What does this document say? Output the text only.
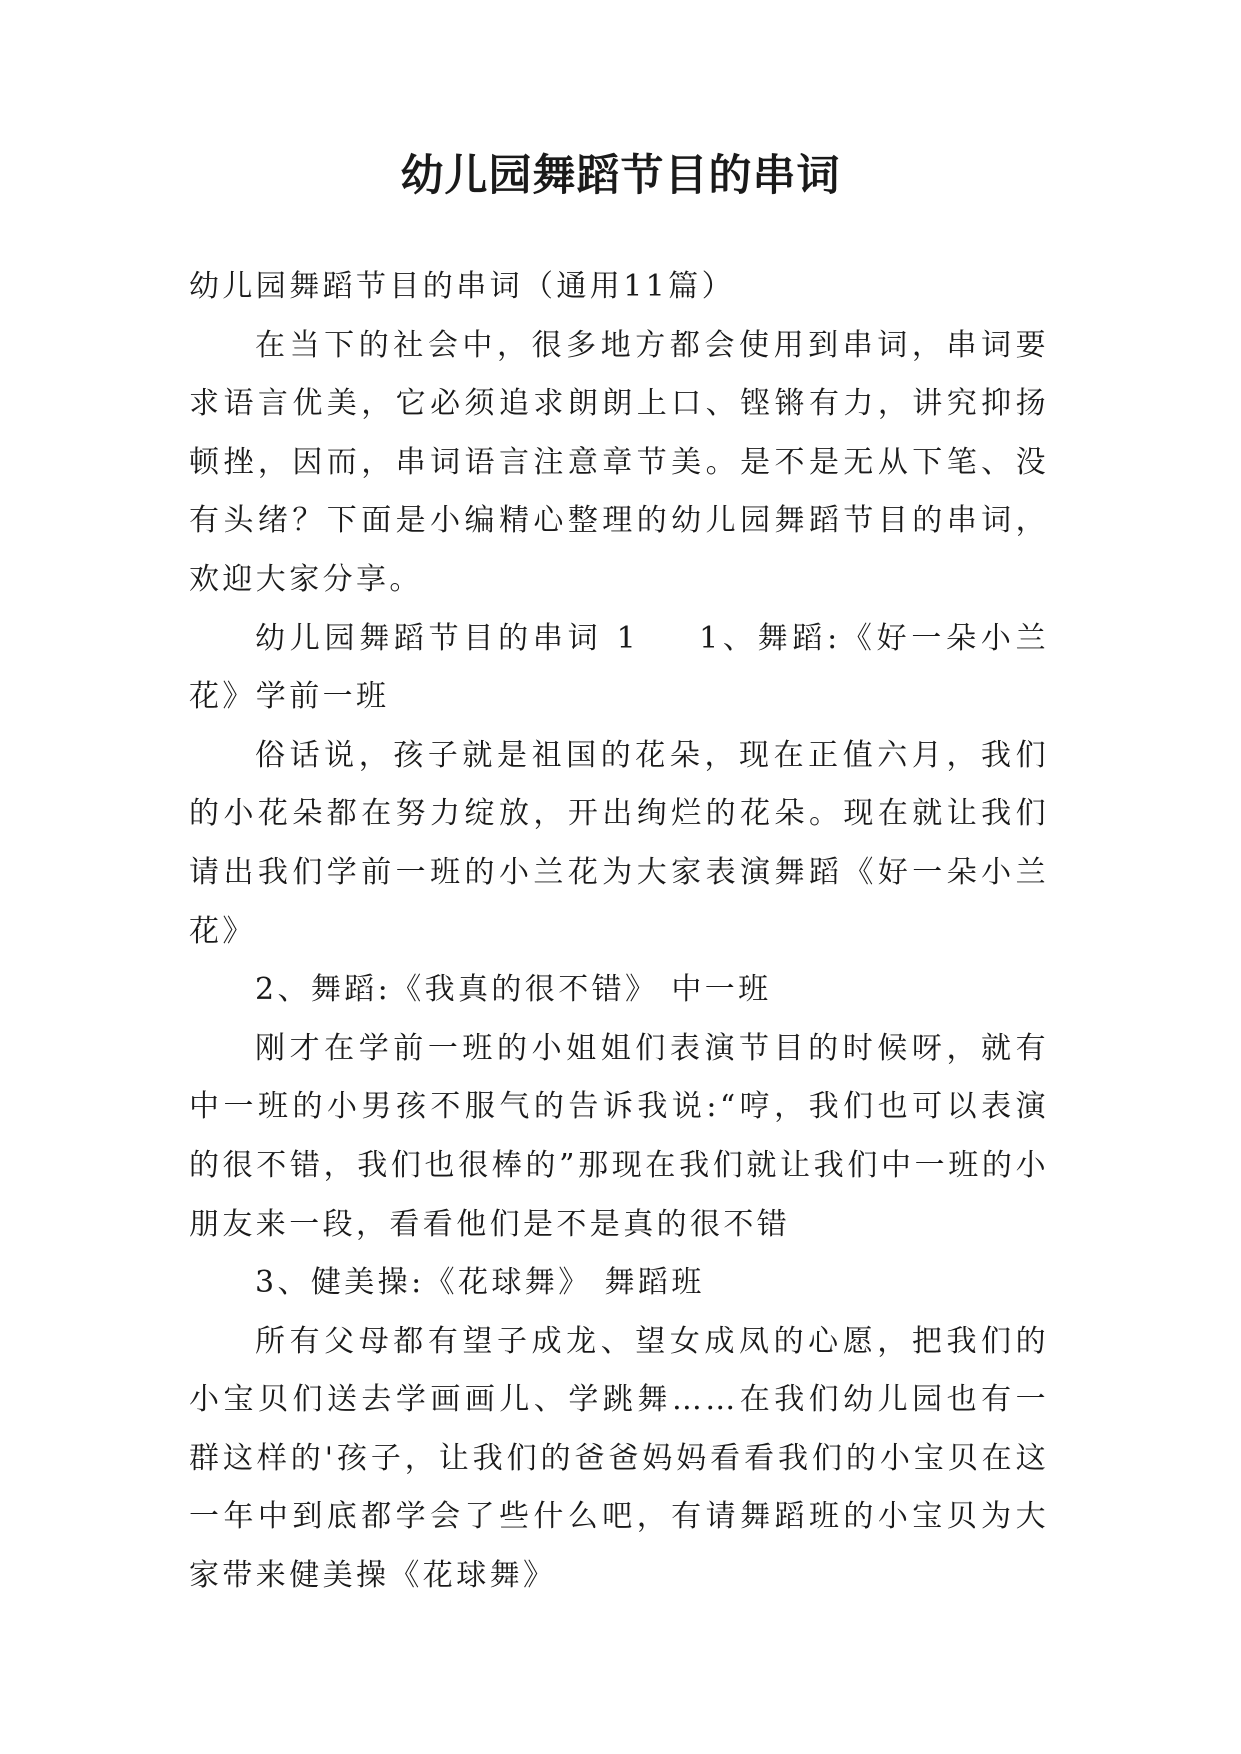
幼儿园舞蹈节目的串词

幼儿园舞蹈节目的串词（通用11篇）

在当下的社会中，很多地方都会使用到串词，串词要求语言优美，它必须追求朗朗上口、铿锵有力，讲究抑扬顿挫，因而，串词语言注意章节美。是不是无从下笔、没有头绪？下面是小编精心整理的幼儿园舞蹈节目的串词，欢迎大家分享。

幼儿园舞蹈节目的串词 1 1、舞蹈:《好一朵小兰花》学前一班

俗话说，孩子就是祖国的花朵，现在正值六月，我们的小花朵都在努力绽放，开出绚烂的花朵。现在就让我们请出我们学前一班的小兰花为大家表演舞蹈《好一朵小兰花》

2、舞蹈:《我真的很不错》 中一班

刚才在学前一班的小姐姐们表演节目的时候呀，就有中一班的小男孩不服气的告诉我说:“哼，我们也可以表演的很不错，我们也很棒的”那现在我们就让我们中一班的小朋友来一段，看看他们是不是真的很不错

3、健美操:《花球舞》 舞蹈班

所有父母都有望子成龙、望女成凤的心愿，把我们的小宝贝们送去学画画儿、学跳舞……在我们幼儿园也有一群这样的'孩子，让我们的爸爸妈妈看看我们的小宝贝在这一年中到底都学会了些什么吧，有请舞蹈班的小宝贝为大家带来健美操《花球舞》
